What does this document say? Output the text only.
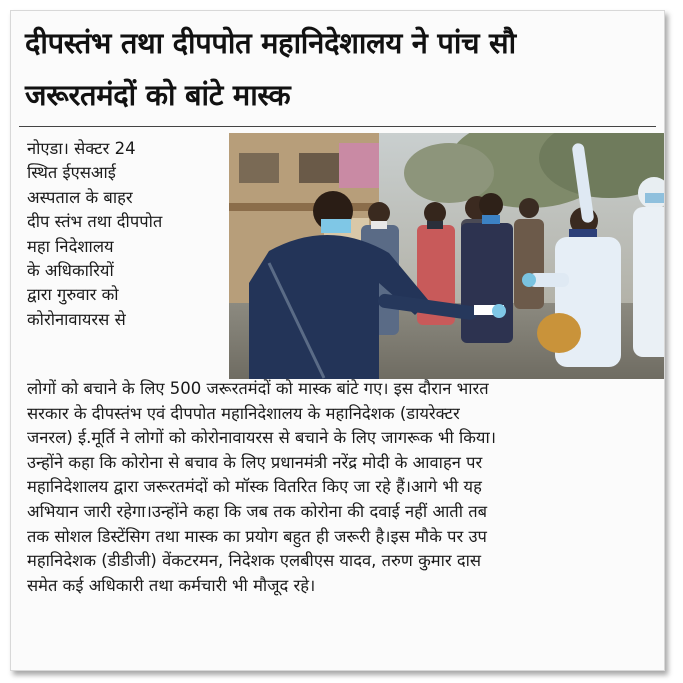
दीपस्तंभ तथा दीपपोत महानिदेशालय ने पांच सौ
जरूरतमंदों को बांटे मास्क
नोएडा। सेक्टर 24
स्थित ईएसआई
अस्पताल के बाहर
दीप स्तंभ तथा दीपपोत
महा निदेशालय
के अधिकारियों
द्वारा गुरुवार को
कोरोनावायरस से
लोगों को बचाने के लिए 500 जरूरतमंदों को मास्क बांटे गए। इस दौरान भारत
सरकार के दीपस्तंभ एवं दीपपोत महानिदेशालय के महानिदेशक (डायरेक्टर
जनरल) ई.मूर्ति ने लोगों को कोरोनावायरस से बचाने के लिए जागरूक भी किया।
उन्होंने कहा कि कोरोना से बचाव के लिए प्रधानमंत्री नरेंद्र मोदी के आवाहन पर
महानिदेशालय द्वारा जरूरतमंदों को मॉस्क वितरित किए जा रहे हैं।आगे भी यह
अभियान जारी रहेगा।उन्होंने कहा कि जब तक कोरोना की दवाई नहीं आती तब
तक सोशल डिस्टेंसिग तथा मास्क का प्रयोग बहुत ही जरूरी है।इस मौके पर उप
महानिदेशक (डीडीजी) वेंकटरमन, निदेशक एलबीएस यादव, तरुण कुमार दास
समेत कई अधिकारी तथा कर्मचारी भी मौजूद रहे।
